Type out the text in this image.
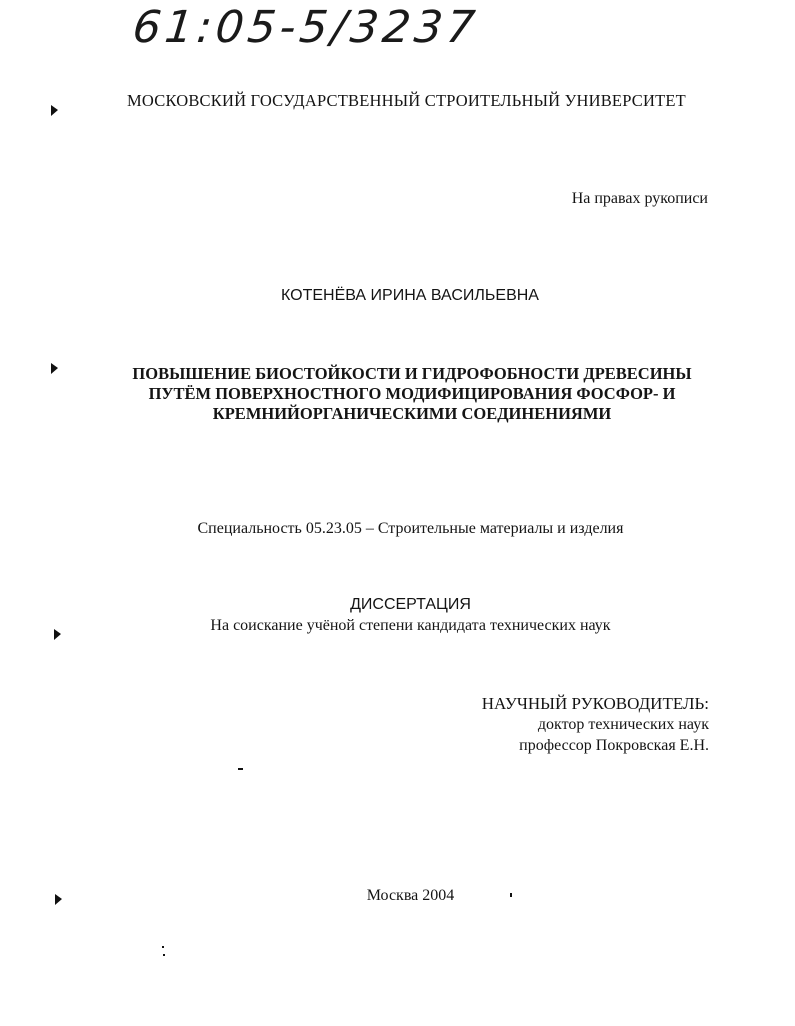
61:05-5/3237
МОСКОВСКИЙ ГОСУДАРСТВЕННЫЙ СТРОИТЕЛЬНЫЙ УНИВЕРСИТЕТ
На правах рукописи
КОТЕНЁВА ИРИНА ВАСИЛЬЕВНА
ПОВЫШЕНИЕ БИОСТОЙКОСТИ И ГИДРОФОБНОСТИ ДРЕВЕСИНЫ
ПУТЁМ ПОВЕРХНОСТНОГО МОДИФИЦИРОВАНИЯ ФОСФОР- И
КРЕМНИЙОРГАНИЧЕСКИМИ СОЕДИНЕНИЯМИ
Специальность 05.23.05 – Строительные материалы и изделия
ДИССЕРТАЦИЯ
На соискание учёной степени кандидата технических наук
НАУЧНЫЙ РУКОВОДИТЕЛЬ:
доктор технических наук
профессор Покровская Е.Н.
Москва 2004
